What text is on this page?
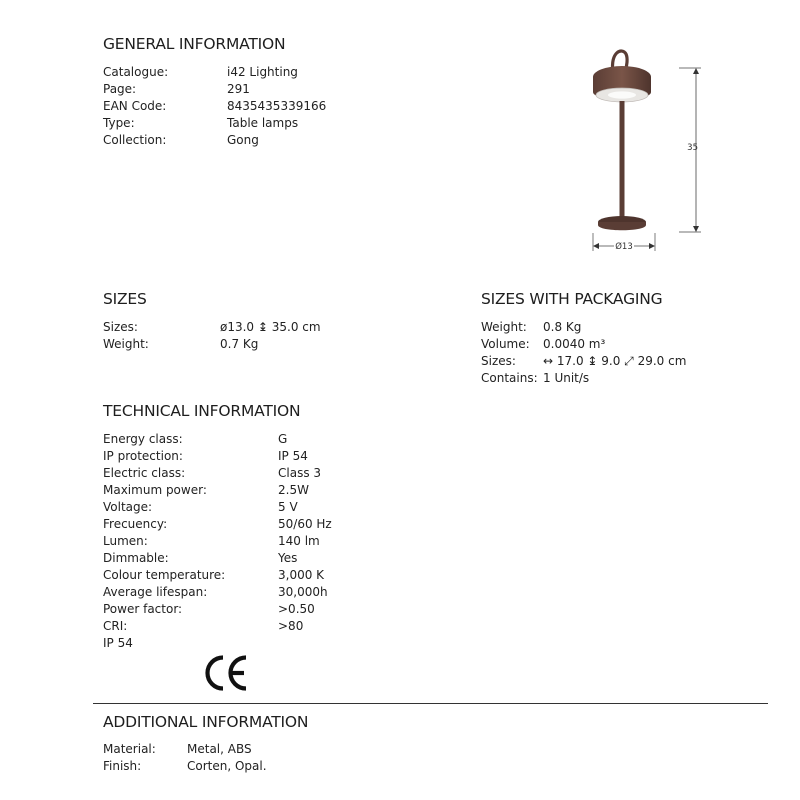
GENERAL INFORMATION
Catalogue:	i42 Lighting
Page:	291
EAN Code:	8435435339166
Type:	Table lamps
Collection:	Gong
35
Ø13
SIZES
Sizes:	ø13.0 ↨ 35.0 cm
Weight:	0.7 Kg
SIZES WITH PACKAGING
Weight: 0.8 Kg
Volume: 0.0040 m³
Sizes: ↔ 17.0 ↨ 9.0 ⤢ 29.0 cm
Contains: 1 Unit/s
TECHNICAL INFORMATION
Energy class:	G
IP protection:	IP 54
Electric class:	Class 3
Maximum power:	2.5W
Voltage:	5 V
Frecuency:	50/60 Hz
Lumen:	140 lm
Dimmable:	Yes
Colour temperature:	3,000 K
Average lifespan:	30,000h
Power factor:	>0.50
CRI:	>80
IP 54
ADDITIONAL INFORMATION
Material:	Metal, ABS
Finish:	Corten, Opal.
